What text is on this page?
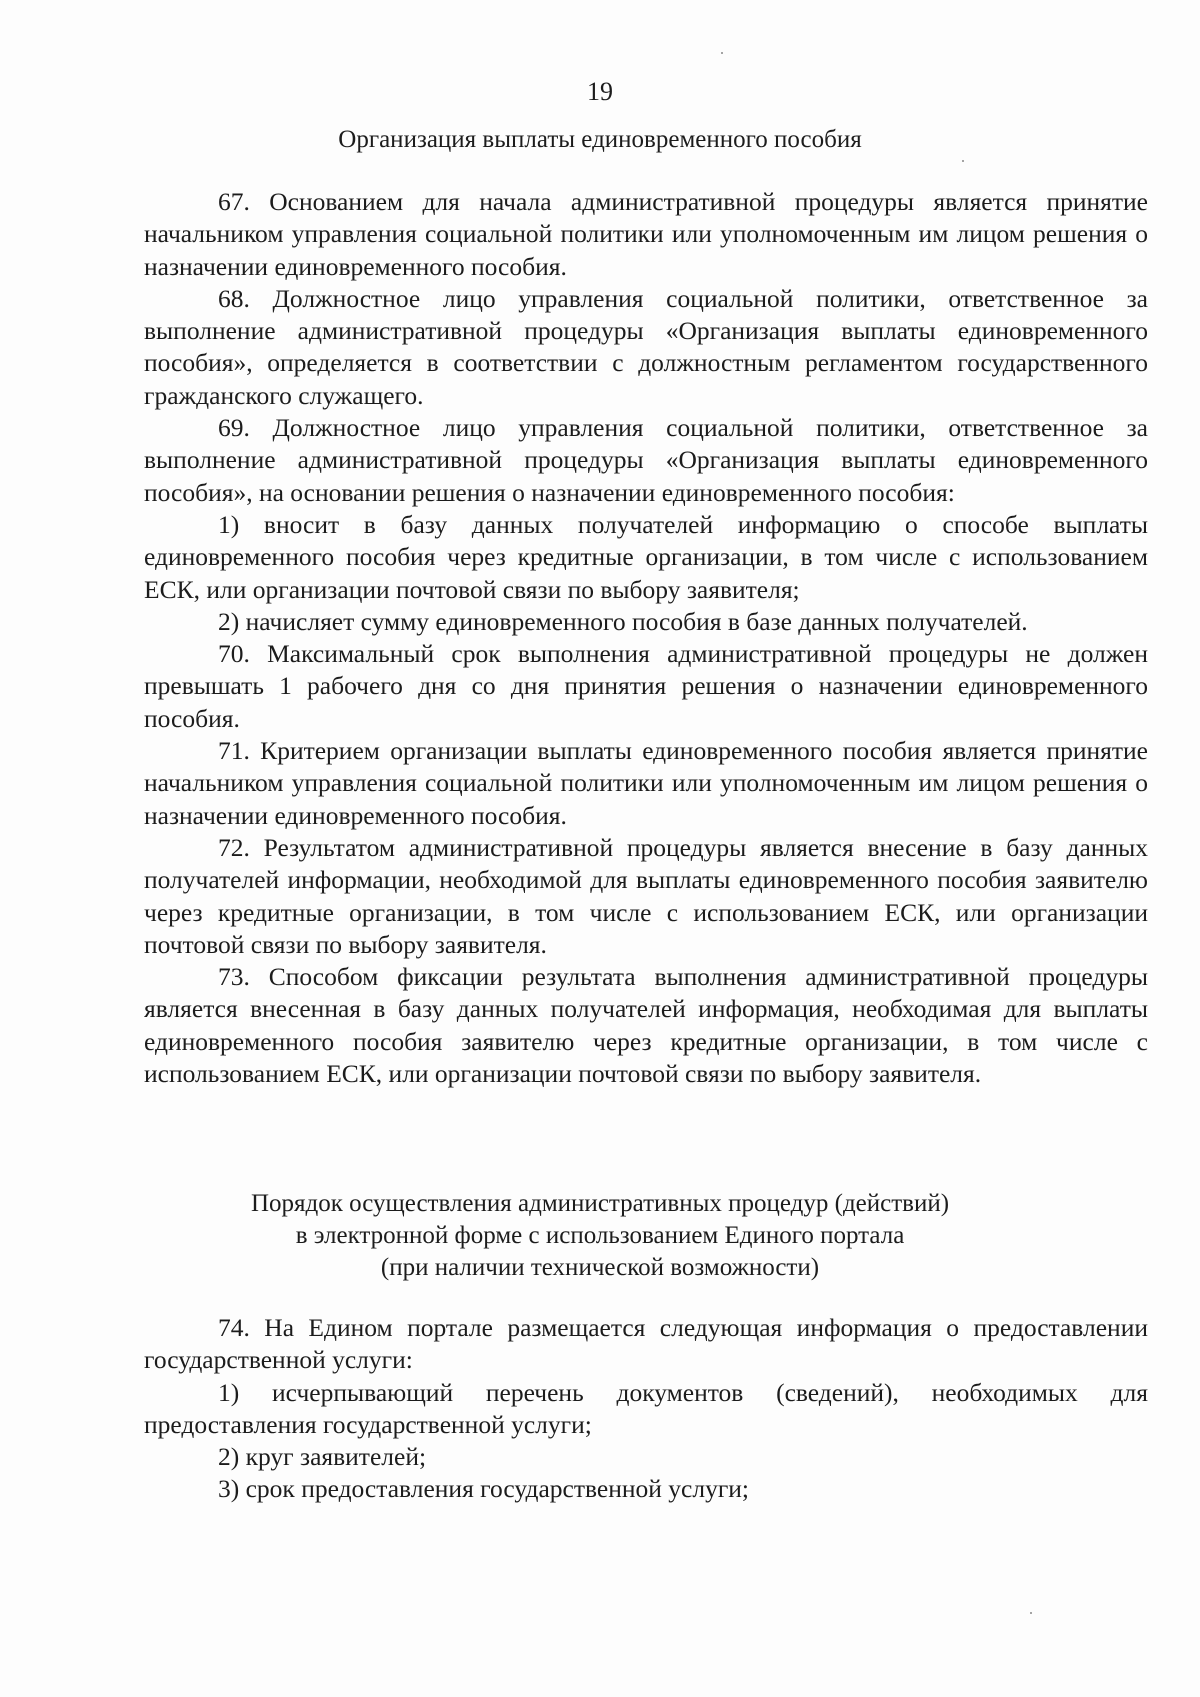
19
Организация выплаты единовременного пособия

67. Основанием для начала административной процедуры является принятие начальником управления социальной политики или уполномоченным им лицом решения о назначении единовременного пособия.

68. Должностное лицо управления социальной политики, ответственное за выполнение административной процедуры «Организация выплаты единовременного пособия», определяется в соответствии с должностным регламентом государственного гражданского служащего.

69. Должностное лицо управления социальной политики, ответственное за выполнение административной процедуры «Организация выплаты единовременного пособия», на основании решения о назначении единовременного пособия:

1) вносит в базу данных получателей информацию о способе выплаты единовременного пособия через кредитные организации, в том числе с использованием ЕСК, или организации почтовой связи по выбору заявителя;

2) начисляет сумму единовременного пособия в базе данных получателей.

70. Максимальный срок выполнения административной процедуры не должен превышать 1 рабочего дня со дня принятия решения о назначении единовременного пособия.

71. Критерием организации выплаты единовременного пособия является принятие начальником управления социальной политики или уполномоченным им лицом решения о назначении единовременного пособия.

72. Результатом административной процедуры является внесение в базу данных получателей информации, необходимой для выплаты единовременного пособия заявителю через кредитные организации, в том числе с использованием ЕСК, или организации почтовой связи по выбору заявителя.

73. Способом фиксации результата выполнения административной процедуры является внесенная в базу данных получателей информация, необходимая для выплаты единовременного пособия заявителю через кредитные организации, в том числе с использованием ЕСК, или организации почтовой связи по выбору заявителя.

Порядок осуществления административных процедур (действий)
в электронной форме с использованием Единого портала
(при наличии технической возможности)

74. На Едином портале размещается следующая информация о предоставлении государственной услуги:

1) исчерпывающий перечень документов (сведений), необходимых для предоставления государственной услуги;

2) круг заявителей;

3) срок предоставления государственной услуги;
